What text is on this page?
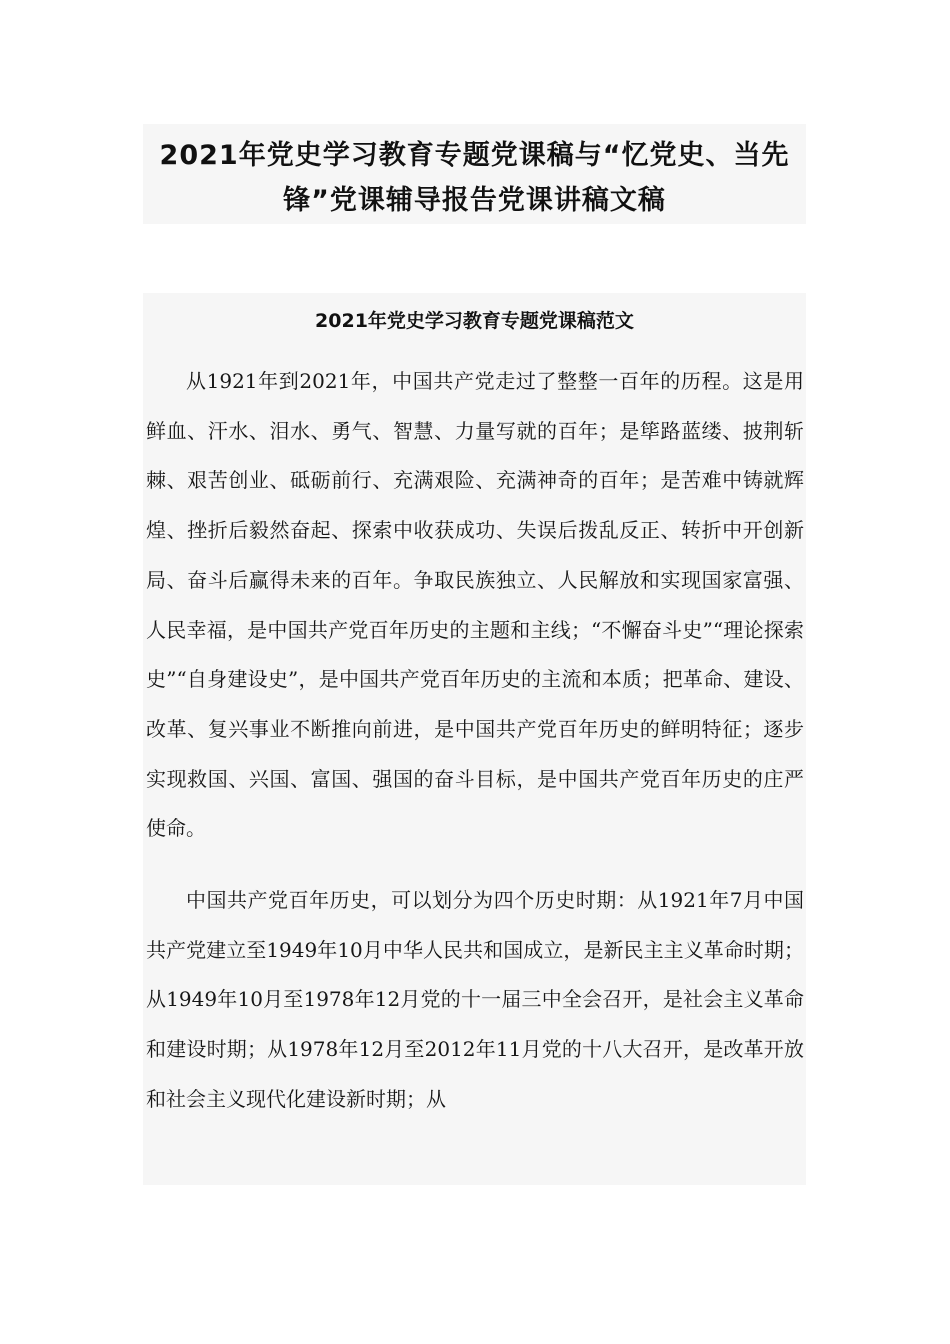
2021年党史学习教育专题党课稿与“忆党史、当先锋”党课辅导报告党课讲稿文稿
2021年党史学习教育专题党课稿范文

从1921年到2021年，中国共产党走过了整整一百年的历程。这是用鲜血、汗水、泪水、勇气、智慧、力量写就的百年；是筚路蓝缕、披荆斩棘、艰苦创业、砥砺前行、充满艰险、充满神奇的百年；是苦难中铸就辉煌、挫折后毅然奋起、探索中收获成功、失误后拨乱反正、转折中开创新局、奋斗后赢得未来的百年。争取民族独立、人民解放和实现国家富强、人民幸福，是中国共产党百年历史的主题和主线；“不懈奋斗史”“理论探索史”“自身建设史”，是中国共产党百年历史的主流和本质；把革命、建设、改革、复兴事业不断推向前进，是中国共产党百年历史的鲜明特征；逐步实现救国、兴国、富国、强国的奋斗目标，是中国共产党百年历史的庄严使命。

中国共产党百年历史，可以划分为四个历史时期：从1921年7月中国共产党建立至1949年10月中华人民共和国成立，是新民主主义革命时期；从1949年10月至1978年12月党的十一届三中全会召开，是社会主义革命和建设时期；从1978年12月至2012年11月党的十八大召开，是改革开放和社会主义现代化建设新时期；从
